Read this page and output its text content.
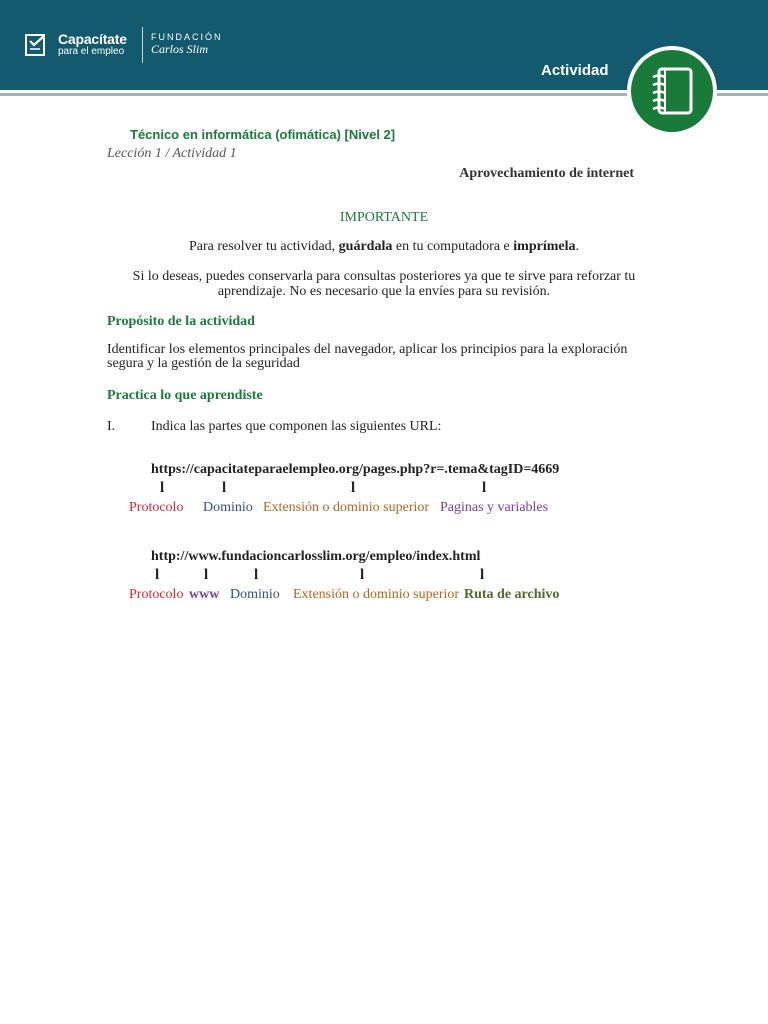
Capacítate
para el empleo
FUNDACIÓN
Carlos Slim
Actividad
Técnico en informática (ofimática) [Nivel 2]
Lección 1 / Actividad 1
Aprovechamiento de internet
IMPORTANTE
Para resolver tu actividad, guárdala en tu computadora e imprímela.
Si lo deseas, puedes conservarla para consultas posteriores ya que te sirve para reforzar tu
aprendizaje. No es necesario que la envíes para su revisión.
Propósito de la actividad
Identificar los elementos principales del navegador, aplicar los principios para la exploración
segura y la gestión de la seguridad
Practica lo que aprendiste
I.	Indica las partes que componen las siguientes URL:
https://capacitateparaelempleo.org/pages.php?r=.tema&tagID=4669
l	l	l	l
Protocolo Dominio Extensión o dominio superior Paginas y variables
http://www.fundacioncarlosslim.org/empleo/index.html
l	l	l	l	l
Protocolo www Dominio Extensión o dominio superior Ruta de archivo
